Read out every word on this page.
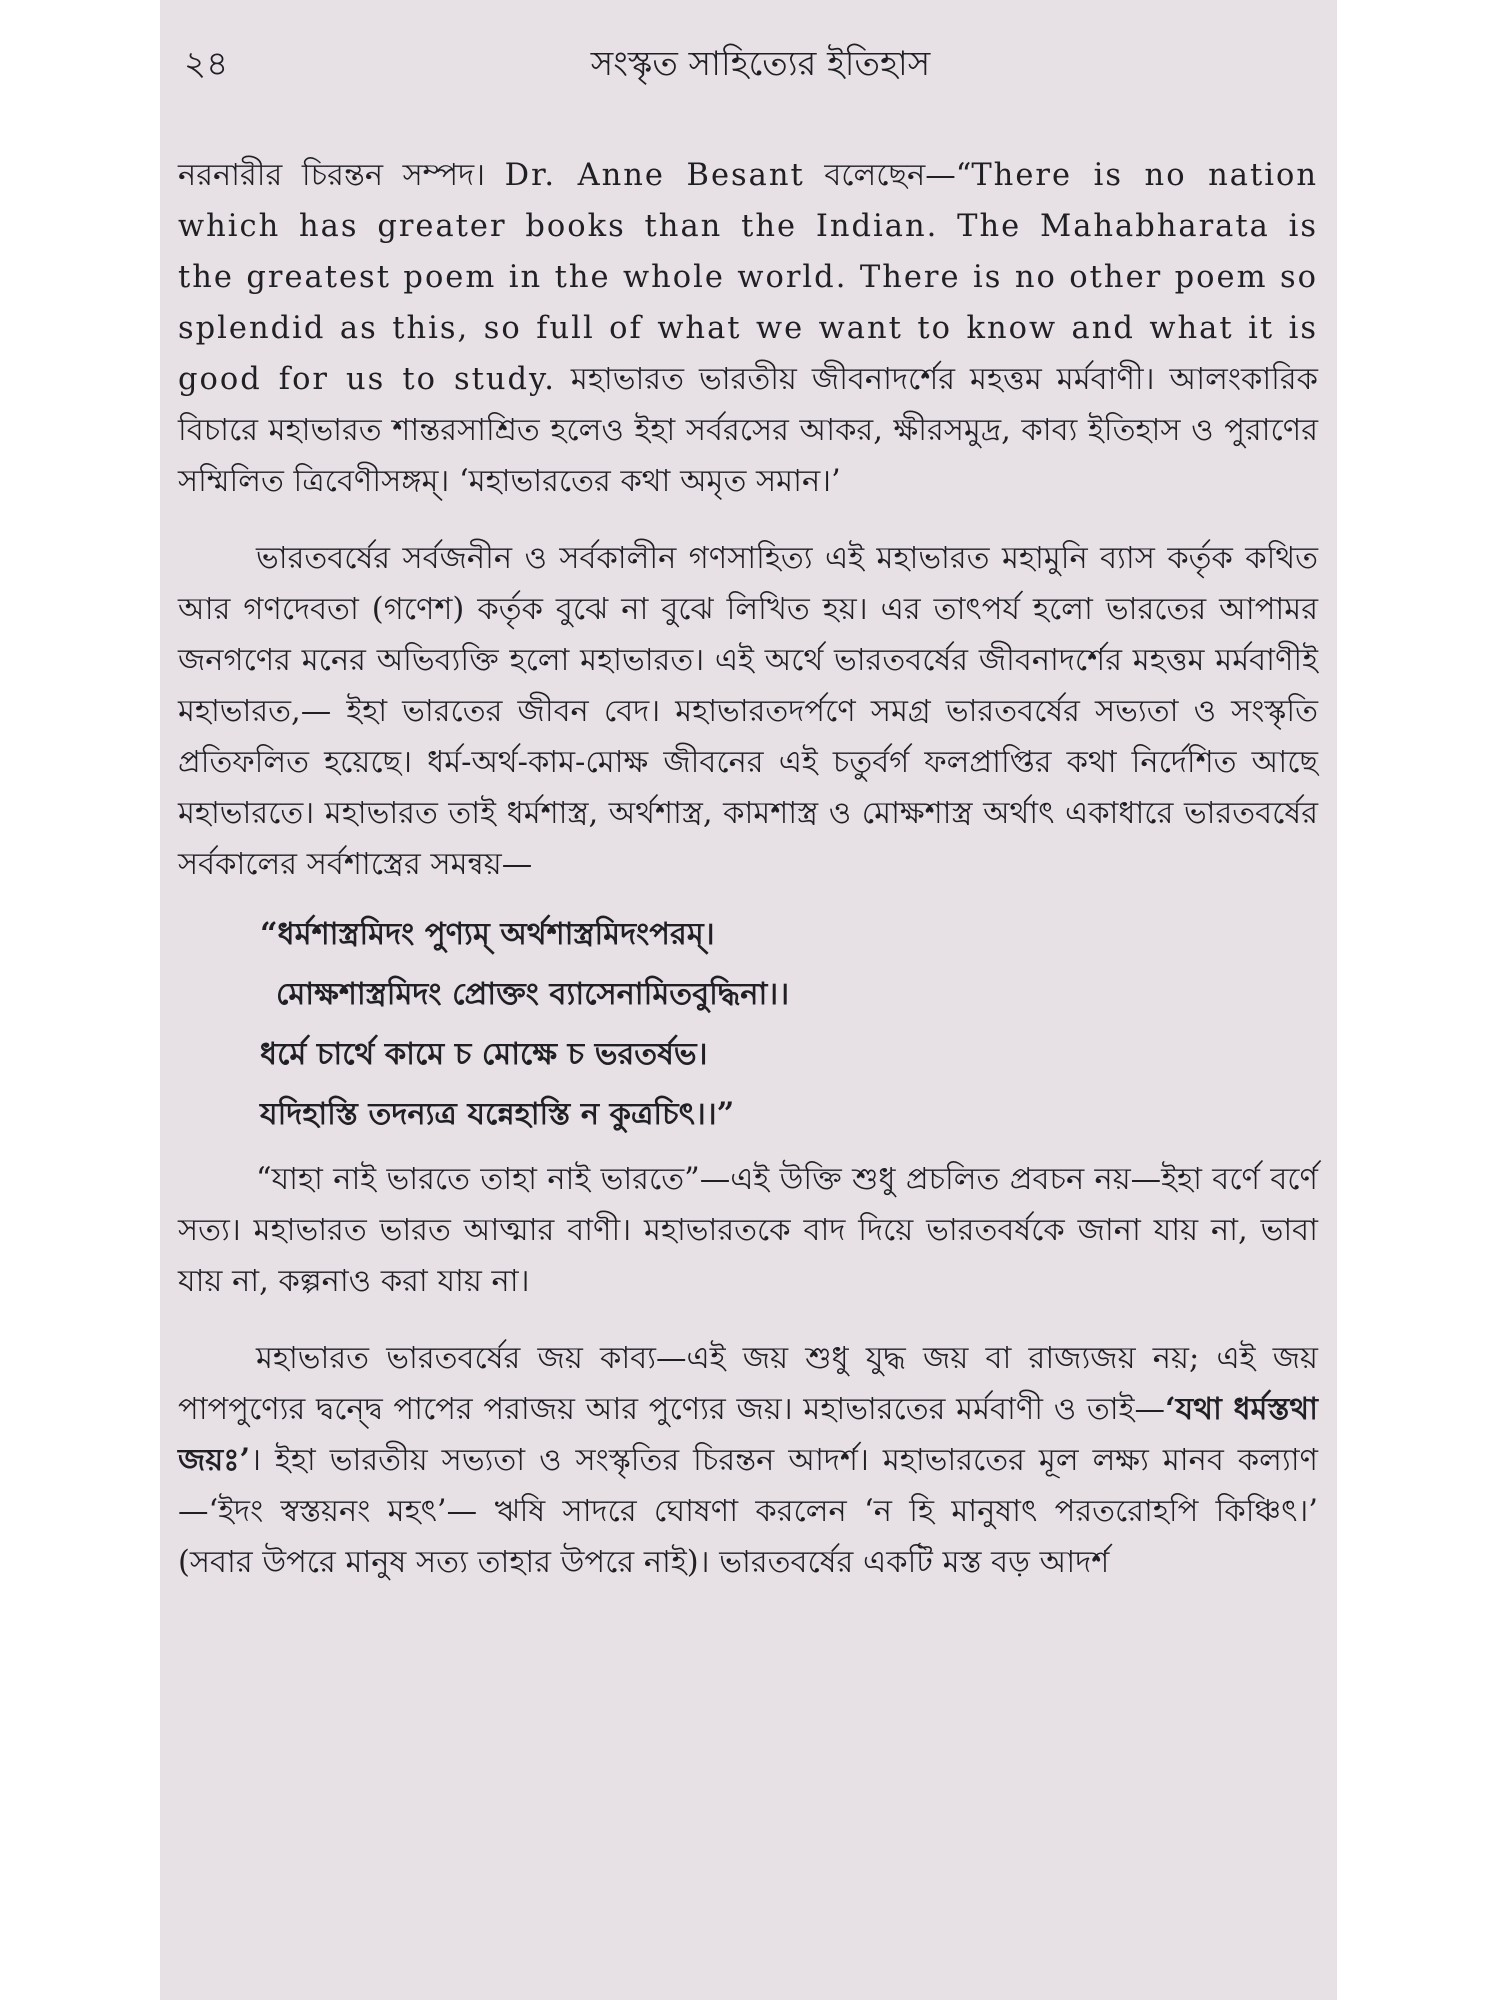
২৪	সংস্কৃত সাহিত্যের ইতিহাস

নরনারীর চিরন্তন সম্পদ। Dr. Anne Besant বলেছেন—“There is no nation which has greater books than the Indian. The Mahabharata is the greatest poem in the whole world. There is no other poem so splendid as this, so full of what we want to know and what it is good for us to study. মহাভারত ভারতীয় জীবনাদর্শের মহত্তম মর্মবাণী। আলংকারিক বিচারে মহাভারত শান্তরসাশ্রিত হলেও ইহা সর্বরসের আকর, ক্ষীরসমুদ্র, কাব্য ইতিহাস ও পুরাণের সম্মিলিত ত্রিবেণীসঙ্গম্। ‘মহাভারতের কথা অমৃত সমান।’

ভারতবর্ষের সর্বজনীন ও সর্বকালীন গণসাহিত্য এই মহাভারত মহামুনি ব্যাস কর্তৃক কথিত আর গণদেবতা (গণেশ) কর্তৃক বুঝে না বুঝে লিখিত হয়। এর তাৎপর্য হলো ভারতের আপামর জনগণের মনের অভিব্যক্তি হলো মহাভারত। এই অর্থে ভারতবর্ষের জীবনাদর্শের মহত্তম মর্মবাণীই মহাভারত,— ইহা ভারতের জীবন বেদ। মহাভারতদর্পণে সমগ্র ভারতবর্ষের সভ্যতা ও সংস্কৃতি প্রতিফলিত হয়েছে। ধর্ম-অর্থ-কাম-মোক্ষ জীবনের এই চতুর্বর্গ ফলপ্রাপ্তির কথা নির্দেশিত আছে মহাভারতে। মহাভারত তাই ধর্মশাস্ত্র, অর্থশাস্ত্র, কামশাস্ত্র ও মোক্ষশাস্ত্র অর্থাৎ একাধারে ভারতবর্ষের সর্বকালের সর্বশাস্ত্রের সমন্বয়—

“ধর্মশাস্ত্রমিদং পুণ্যম্ অর্থশাস্ত্রমিদংপরম্।
মোক্ষশাস্ত্রমিদং প্রোক্তং ব্যাসেনামিতবুদ্ধিনা।।
ধর্মে চার্থে কামে চ মোক্ষে চ ভরতর্ষভ।
যদিহাস্তি তদন্যত্র যন্নেহাস্তি ন কুত্রচিৎ।।”

“যাহা নাই ভারতে তাহা নাই ভারতে”—এই উক্তি শুধু প্রচলিত প্রবচন নয়—ইহা বর্ণে বর্ণে সত্য। মহাভারত ভারত আত্মার বাণী। মহাভারতকে বাদ দিয়ে ভারতবর্ষকে জানা যায় না, ভাবা যায় না, কল্পনাও করা যায় না।

মহাভারত ভারতবর্ষের জয় কাব্য—এই জয় শুধু যুদ্ধ জয় বা রাজ্যজয় নয়; এই জয় পাপপুণ্যের দ্বন্দ্বে পাপের পরাজয় আর পুণ্যের জয়। মহাভারতের মর্মবাণী ও তাই—‘যথা ধর্মস্তথা জয়ঃ’। ইহা ভারতীয় সভ্যতা ও সংস্কৃতির চিরন্তন আদর্শ। মহাভারতের মূল লক্ষ্য মানব কল্যাণ—‘ইদং স্বস্তয়নং মহৎ’— ঋষি সাদরে ঘোষণা করলেন ‘ন হি মানুষাৎ পরতরোহপি কিঞ্চিৎ।’ (সবার উপরে মানুষ সত্য তাহার উপরে নাই)। ভারতবর্ষের একটি মস্ত বড় আদর্শ
